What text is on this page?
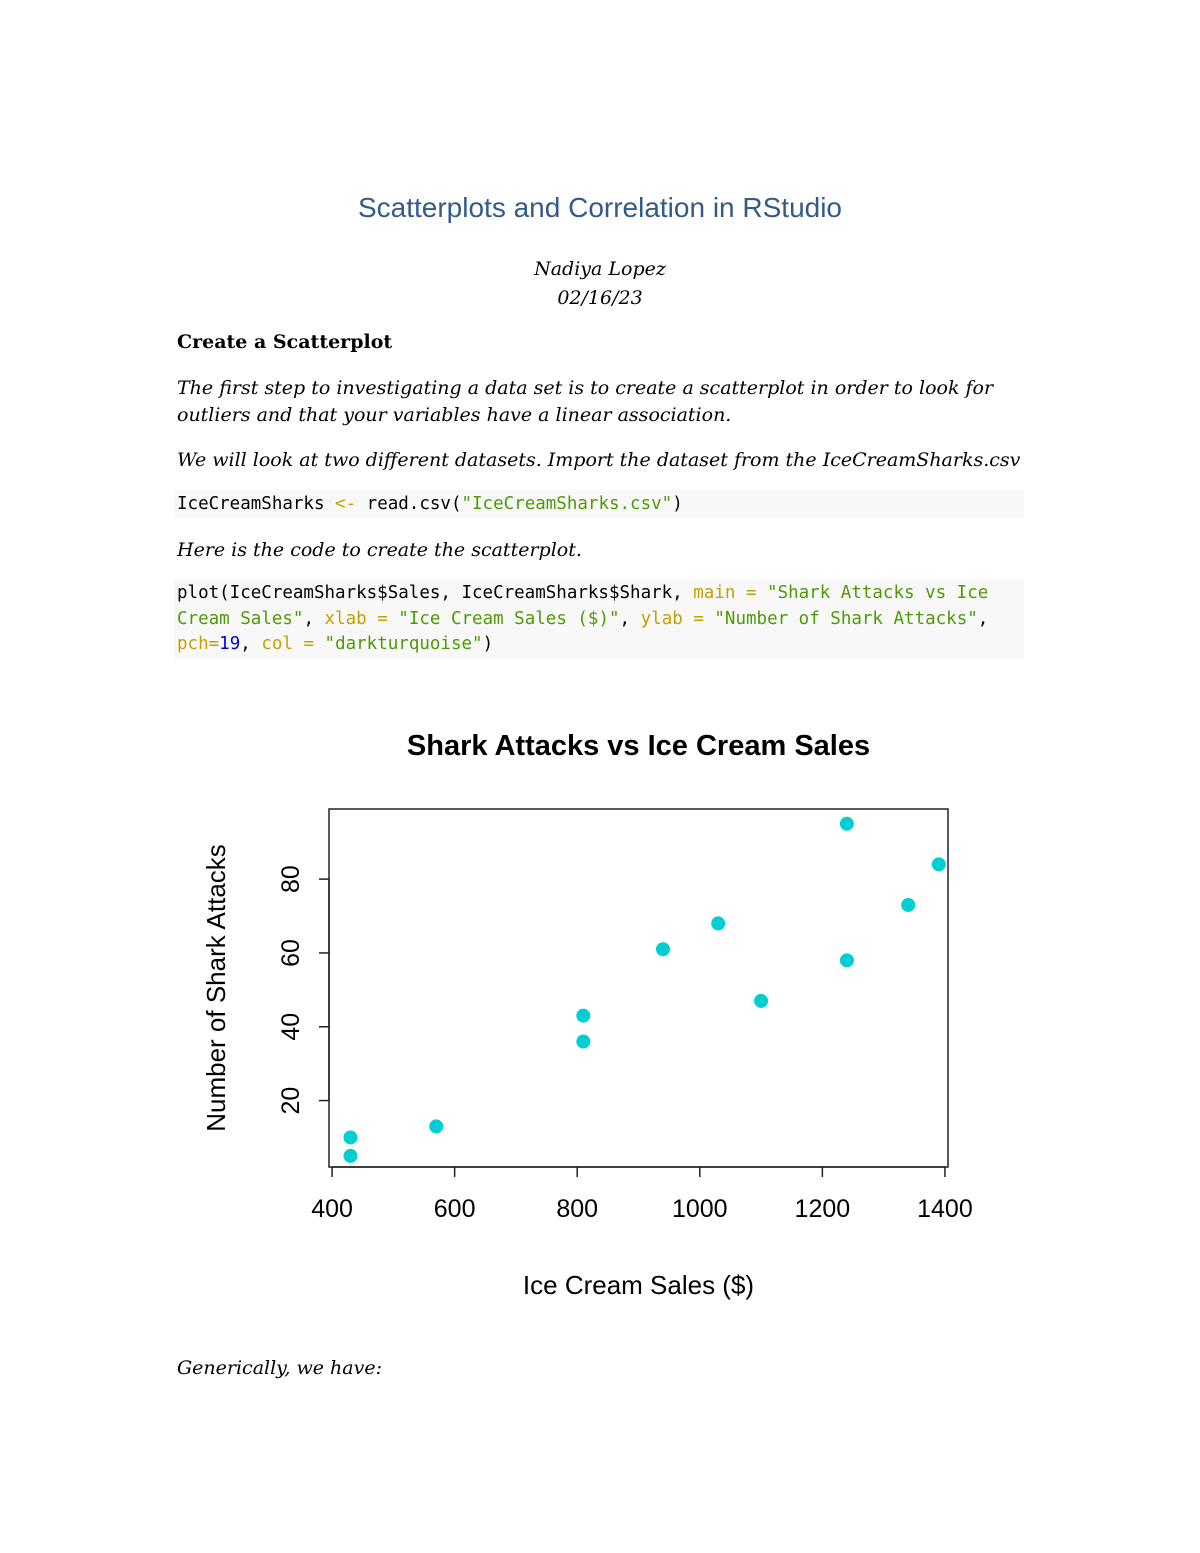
Scatterplots and Correlation in RStudio
Nadiya Lopez
02/16/23
Create a Scatterplot
The first step to investigating a data set is to create a scatterplot in order to look for outliers and that your variables have a linear association.
We will look at two different datasets. Import the dataset from the IceCreamSharks.csv
IceCreamSharks <- read.csv("IceCreamSharks.csv")
Here is the code to create the scatterplot.
plot(IceCreamSharks$Sales, IceCreamSharks$Shark, main = "Shark Attacks vs Ice Cream Sales", xlab = "Ice Cream Sales ($)", ylab = "Number of Shark Attacks", pch=19, col = "darkturquoise")
Shark Attacks vs Ice Cream Sales
400	600	800	1000	1200	1400
20
40
60
80
Ice Cream Sales ($)
Number of Shark Attacks
Generically, we have:
